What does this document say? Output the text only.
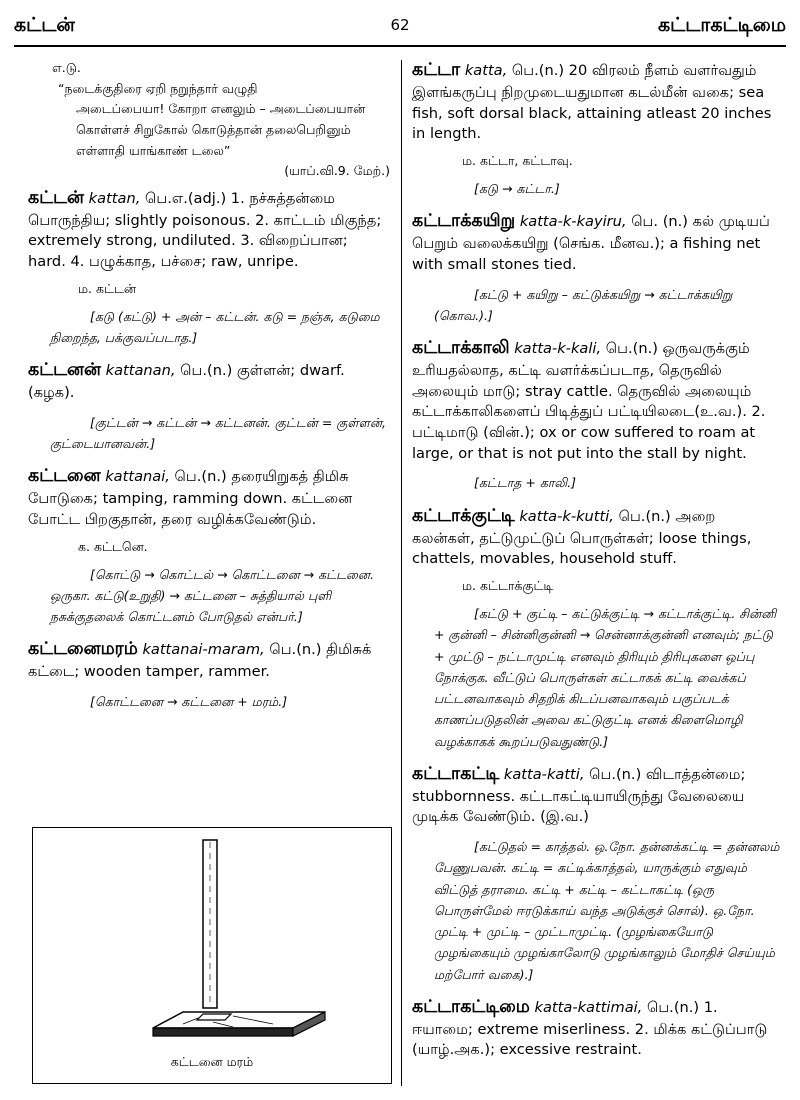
கட்டன்	62	கட்டாகட்டிமை
எ.டு.
“நடைக்குதிரை ஏறி நறுந்தார் வழுதி
அடைப்பையா! கோறா எனலும் – அடைப்பையான்
கொள்ளச் சிறுகோல் கொடுத்தான் தலைபெறினும்
எள்ளாதி யாங்காண் டலை”
(யாப்.வி.9. மேற்.)
கட்டன் kattan, பெ.எ.(adj.) 1. நச்சுத்தன்மை பொருந்திய; slightly poisonous. 2. காட்டம் மிகுந்த; extremely strong, undiluted. 3. விறைப்பான; hard. 4. பழுக்காத, பச்சை; raw, unripe.
ம. கட்டன்
[கடு (கட்டு) + அன் – கட்டன். கடு = நஞ்சு, கடுமை நிறைந்த, பக்குவப்படாத.]
கட்டனன் kattanan, பெ.(n.) குள்ளன்; dwarf. (கழக).
[குட்டன் → கட்டன் → கட்டனன். குட்டன் = குள்ளன், குட்டையானவன்.]
கட்டனை kattanai, பெ.(n.) தரையிறுகத் திமிசு போடுகை; tamping, ramming down. கட்டனை போட்ட பிறகுதான், தரை வழிக்கவேண்டும்.
க. கட்டனெ.
[கொட்டு → கொட்டல் → கொட்டனை → கட்டனை. ஒருகா. கட்டு(உறுதி) → கட்டனை – சுத்தியால் புளி நசுக்குதலைக் கொட்டனம் போடுதல் என்பர்.]
கட்டனைமரம் kattanai-maram, பெ.(n.) திமிசுக் கட்டை; wooden tamper, rammer.
[கொட்டனை → கட்டனை + மரம்.]
கட்டனை மரம்
கட்டா katta, பெ.(n.) 20 விரலம் நீளம் வளர்வதும் இளங்கருப்பு நிறமுடையதுமான கடல்மீன் வகை; sea fish, soft dorsal black, attaining atleast 20 inches in length.
ம. கட்டா, கட்டாவு.
[கடு → கட்டா.]
கட்டாக்கயிறு katta-k-kayiru, பெ. (n.) கல் முடியப் பெறும் வலைக்கயிறு (செங்க. மீனவ.); a fishing net with small stones tied.
[கட்டு + கயிறு – கட்டுக்கயிறு → கட்டாக்கயிறு (கொவ.).]
கட்டாக்காலி katta-k-kali, பெ.(n.) ஒருவருக்கும் உரியதல்லாத, கட்டி வளர்க்கப்படாத, தெருவில் அலையும் மாடு; stray cattle. தெருவில் அலையும் கட்டாக்காலிகளைப் பிடித்துப் பட்டியிலடை(உ.வ.). 2. பட்டிமாடு (வின்.); ox or cow suffered to roam at large, or that is not put into the stall by night.
[கட்டாத + காலி.]
கட்டாக்குட்டி katta-k-kutti, பெ.(n.) அறை கலன்கள், தட்டுமுட்டுப் பொருள்கள்; loose things, chattels, movables, household stuff.
ம. கட்டாக்குட்டி
[கட்டு + குட்டி – கட்டுக்குட்டி → கட்டாக்குட்டி. சின்னி + குன்னி – சின்னிகுன்னி → சென்னாக்குன்னி எனவும்; நட்டு + முட்டு – நட்டாமுட்டி எனவும் திரியும் திரிபுகளை ஒப்பு நோக்குக. வீட்டுப் பொருள்கள் கட்டாகக் கட்டி வைக்கப் பட்டனவாகவும் சிதறிக் கிடப்பனவாகவும் பகுப்படக் காணப்படுதலின் அவை கட்டுகுட்டி எனக் கிளைமொழி வழக்காகக் கூறப்படுவதுண்டு.]
கட்டாகட்டி katta-katti, பெ.(n.) விடாத்தன்மை; stubbornness. கட்டாகட்டியாயிருந்து வேலையை முடிக்க வேண்டும். (இ.வ.)
[கட்டுதல் = காத்தல். ஒ.நோ. தன்னக்கட்டி = தன்னலம் பேணுபவன். கட்டி = கட்டிக்காத்தல், யாருக்கும் எதுவும் விட்டுத் தராமை. கட்டி + கட்டி – கட்டாகட்டி (ஒரு பொருள்மேல் ஈரடுக்காய் வந்த அடுக்குச் சொல்). ஒ.நோ. முட்டி + முட்டி – முட்டாமுட்டி. (முழங்கையோடு முழங்கையும் முழங்காலோடு முழங்காலும் மோதிச் செய்யும் மற்போர் வகை).]
கட்டாகட்டிமை katta-kattimai, பெ.(n.) 1. ஈயாமை; extreme miserliness. 2. மிக்க கட்டுப்பாடு (யாழ்.அக.); excessive restraint.
